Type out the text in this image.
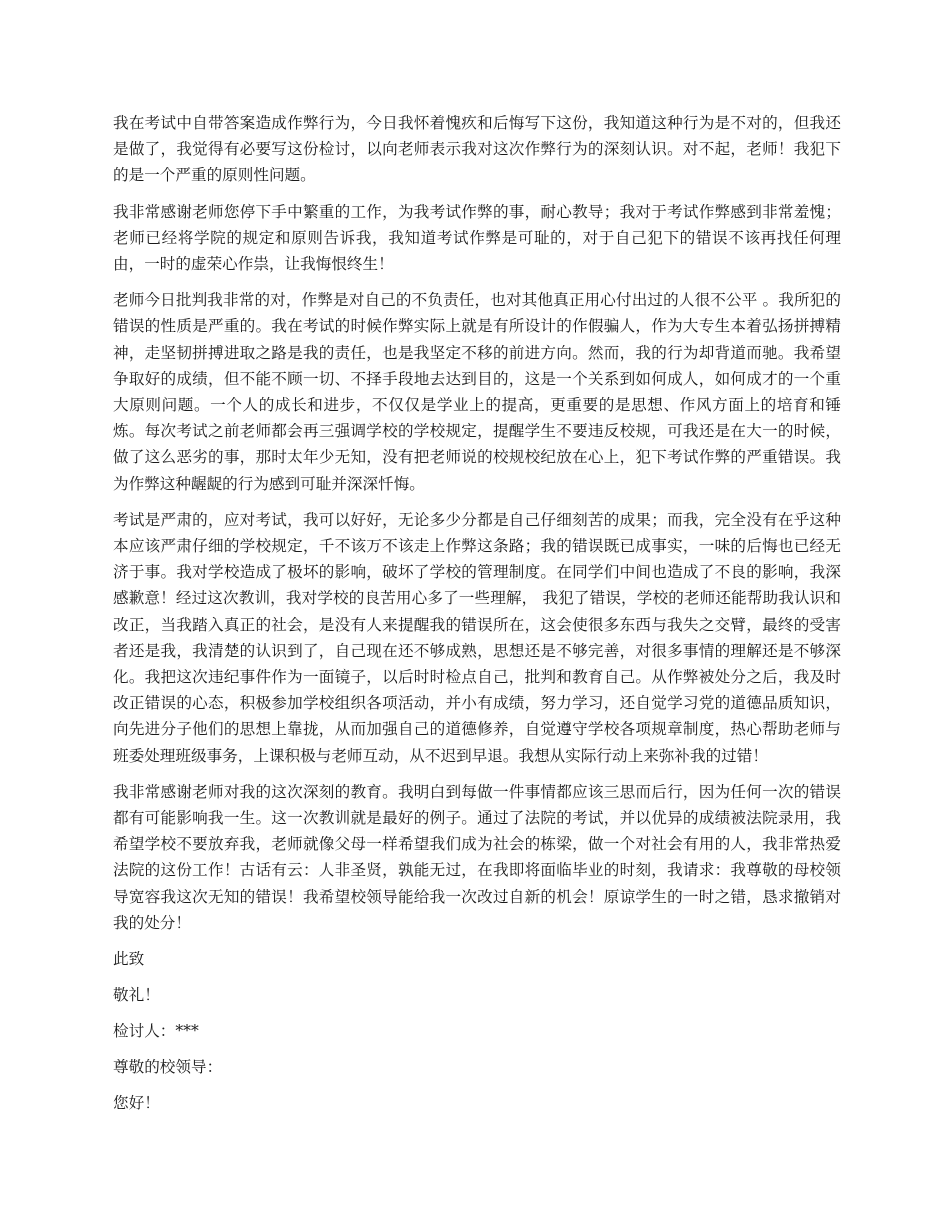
我在考试中自带答案造成作弊行为，今日我怀着愧疚和后悔写下这份，我知道这种行为是不对的，但我还是做了，我觉得有必要写这份检讨，以向老师表示我对这次作弊行为的深刻认识。对不起，老师！我犯下的是一个严重的原则性问题。

我非常感谢老师您停下手中繁重的工作，为我考试作弊的事，耐心教导；我对于考试作弊感到非常羞愧；老师已经将学院的规定和原则告诉我，我知道考试作弊是可耻的，对于自己犯下的错误不该再找任何理由，一时的虚荣心作祟，让我悔恨终生！

老师今日批判我非常的对，作弊是对自己的不负责任，也对其他真正用心付出过的人很不公平 。我所犯的错误的性质是严重的。我在考试的时候作弊实际上就是有所设计的作假骗人，作为大专生本着弘扬拼搏精神，走坚韧拼搏进取之路是我的责任，也是我坚定不移的前进方向。然而，我的行为却背道而驰。我希望争取好的成绩，但不能不顾一切、不择手段地去达到目的，这是一个关系到如何成人，如何成才的一个重大原则问题。一个人的成长和进步，不仅仅是学业上的提高，更重要的是思想、作风方面上的培育和锤炼。每次考试之前老师都会再三强调学校的学校规定，提醒学生不要违反校规，可我还是在大一的时候，做了这么恶劣的事，那时太年少无知，没有把老师说的校规校纪放在心上，犯下考试作弊的严重错误。我为作弊这种龌龊的行为感到可耻并深深忏悔。

考试是严肃的，应对考试，我可以好好，无论多少分都是自己仔细刻苦的成果；而我，完全没有在乎这种本应该严肃仔细的学校规定，千不该万不该走上作弊这条路；我的错误既已成事实，一味的后悔也已经无济于事。我对学校造成了极坏的影响，破坏了学校的管理制度。在同学们中间也造成了不良的影响，我深感歉意！经过这次教训，我对学校的良苦用心多了一些理解， 我犯了错误，学校的老师还能帮助我认识和改正，当我踏入真正的社会，是没有人来提醒我的错误所在，这会使很多东西与我失之交臂，最终的受害者还是我，我清楚的认识到了，自己现在还不够成熟，思想还是不够完善，对很多事情的理解还是不够深化。我把这次违纪事件作为一面镜子，以后时时检点自己，批判和教育自己。从作弊被处分之后，我及时改正错误的心态，积极参加学校组织各项活动，并小有成绩，努力学习，还自觉学习党的道德品质知识，向先进分子他们的思想上靠拢，从而加强自己的道德修养，自觉遵守学校各项规章制度，热心帮助老师与班委处理班级事务，上课积极与老师互动，从不迟到早退。我想从实际行动上来弥补我的过错！

我非常感谢老师对我的这次深刻的教育。我明白到每做一件事情都应该三思而后行，因为任何一次的错误都有可能影响我一生。这一次教训就是最好的例子。通过了法院的考试，并以优异的成绩被法院录用，我希望学校不要放弃我，老师就像父母一样希望我们成为社会的栋梁，做一个对社会有用的人，我非常热爱法院的这份工作！古话有云：人非圣贤，孰能无过，在我即将面临毕业的时刻，我请求：我尊敬的母校领导宽容我这次无知的错误！我希望校领导能给我一次改过自新的机会！原谅学生的一时之错，恳求撤销对我的处分！

此致

敬礼！

检讨人：***

尊敬的校领导：

您好！
